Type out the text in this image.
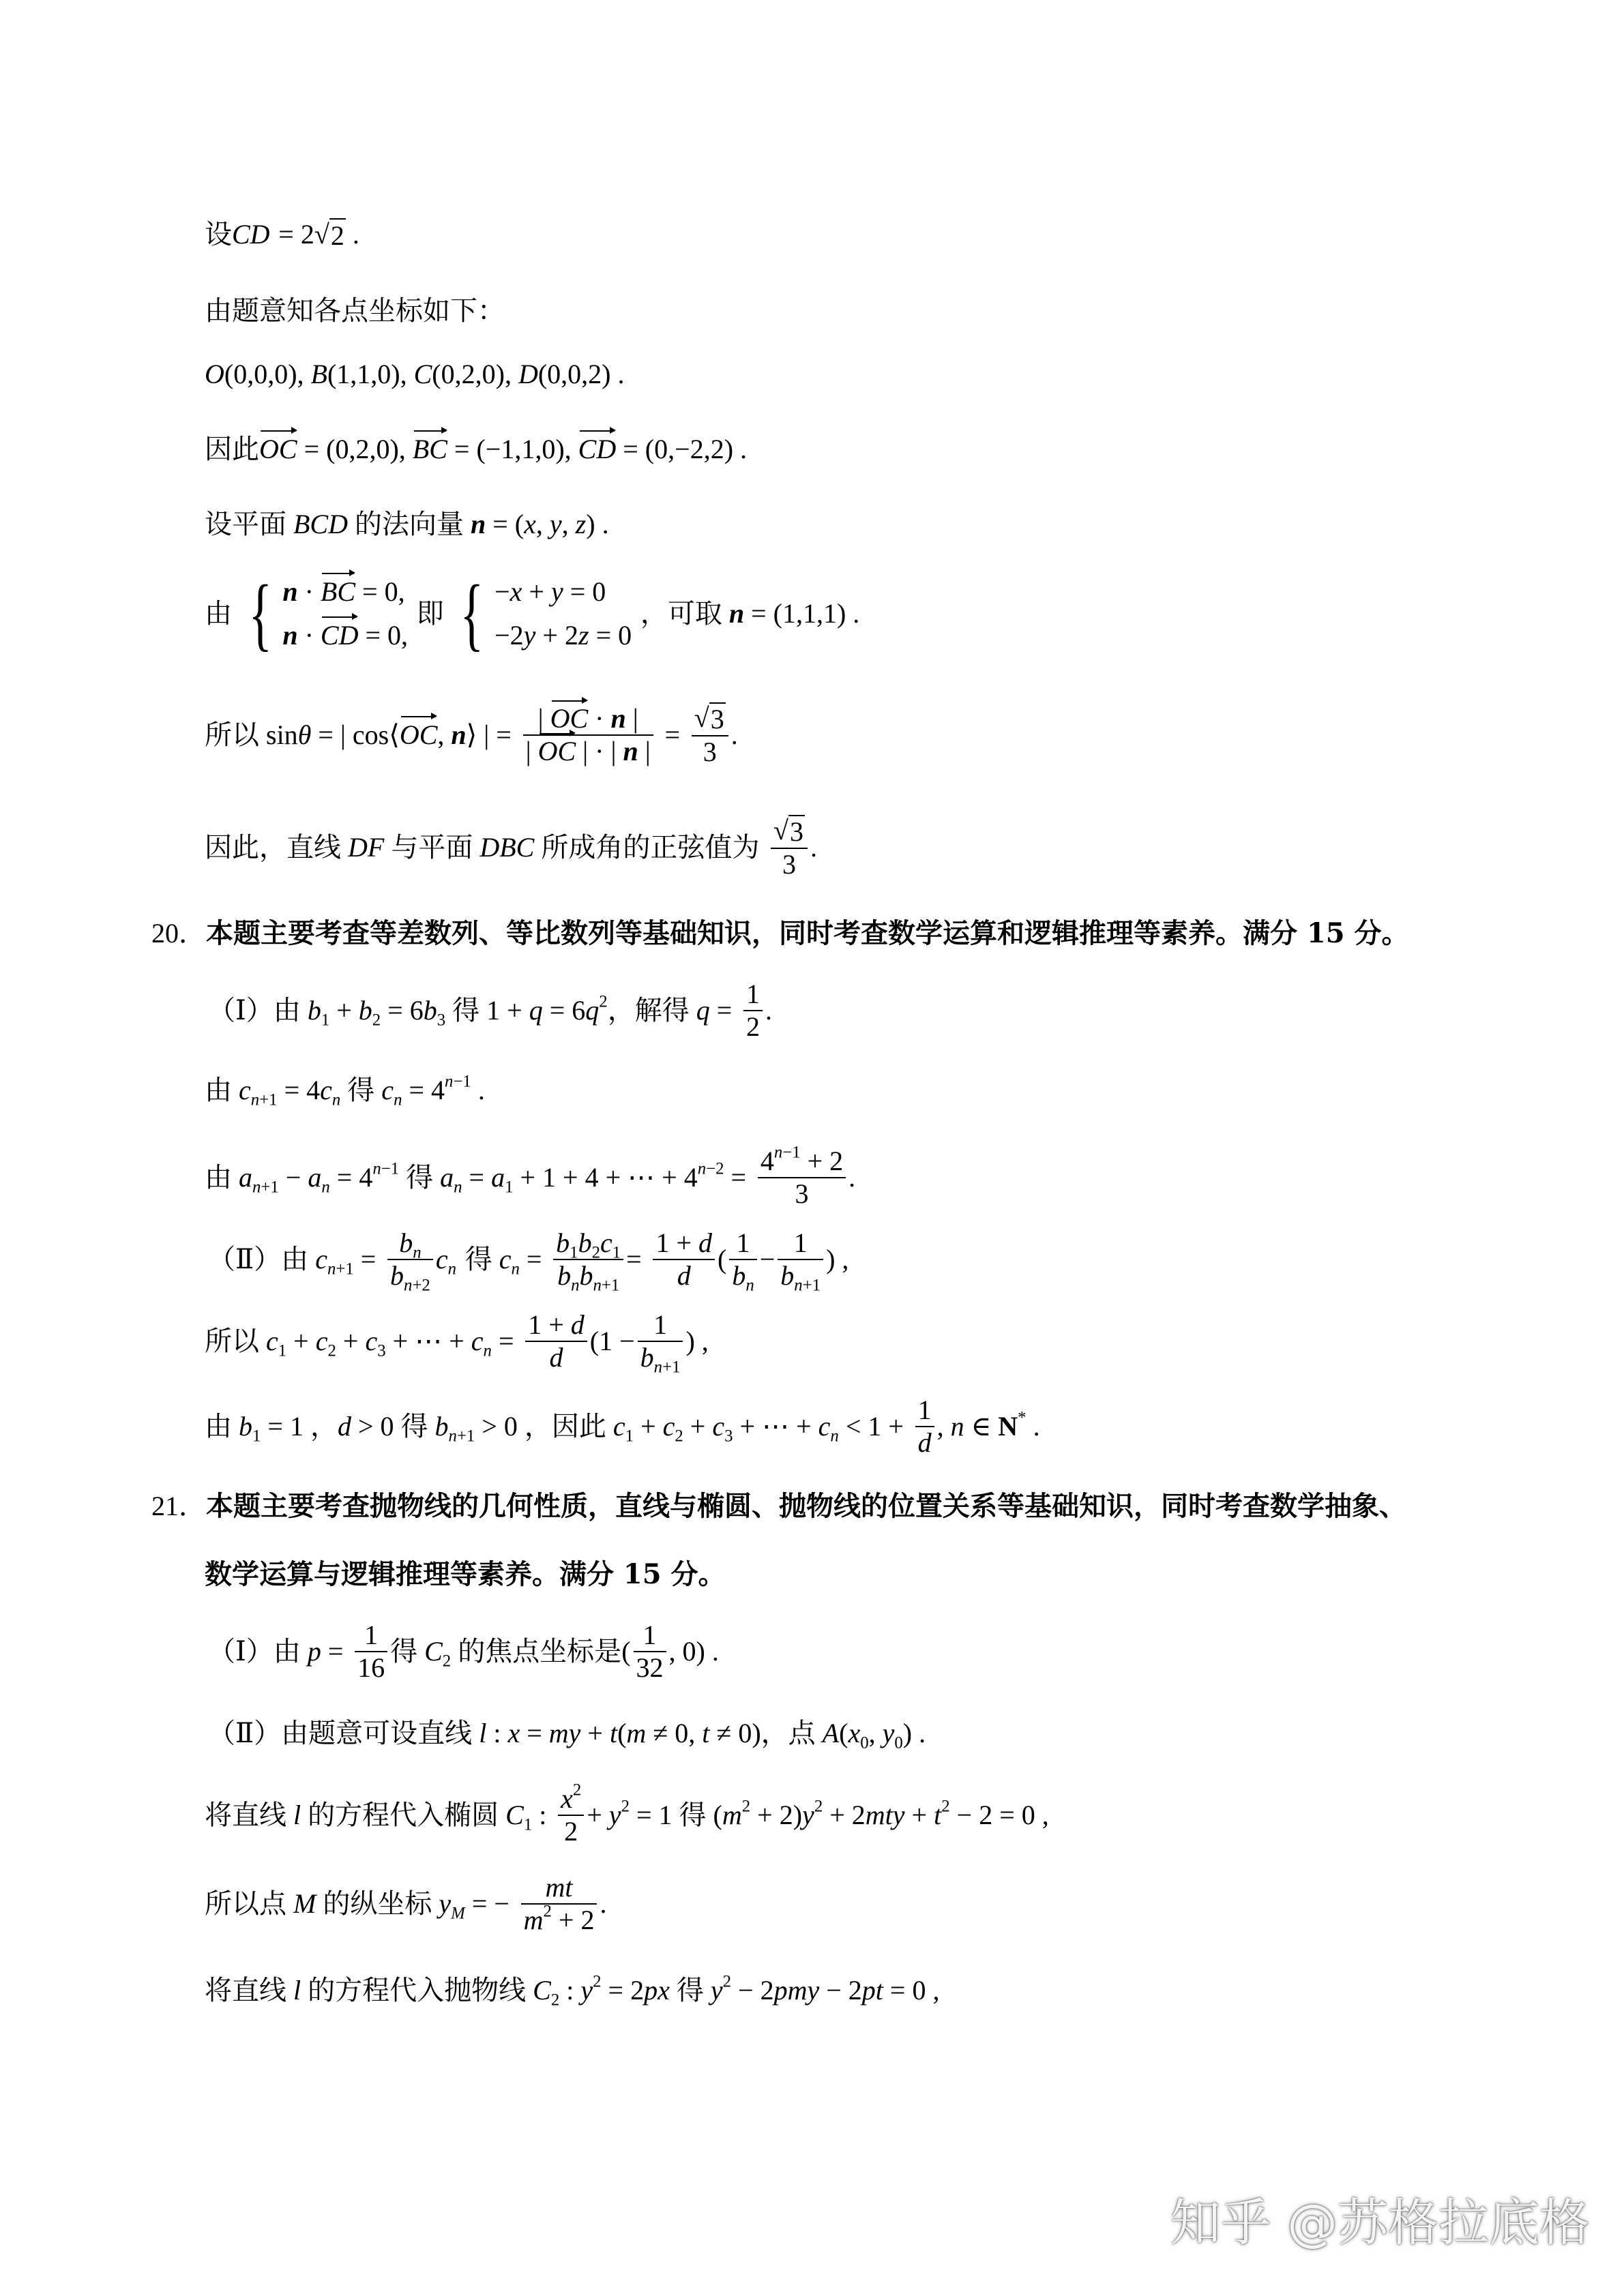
设CD = 2 √ 2 .
由题意知各点坐标如下：
O(0,0,0), B(1,1,0), C(0,2,0), D(0,0,2) .
因此OC = (0,2,0), BC = (−1,1,0), CD = (0,−2,2) .
设平面 BCD 的法向量 n = (x, y, z) .
由 { n · BC = 0,
n · CD = 0,
即 { −x + y = 0
−2y + 2z = 0
，可取 n = (1,1,1) .
所以 sinθ = | cos⟨OC, n⟩ | = $\frac{| OC \cdot n |}{| OC | \cdot | n |} = \frac{√ 3}{3}$ .
因此，直线 DF 与平面 DBC 所成角的正弦值为 $\frac{√ 3}{3}$ .
20．本题主要考查等差数列、等比数列等基础知识，同时考查数学运算和逻辑推理等素养。满分 15 分。
（Ⅰ）由 $b_1 + b_2 = 6b_3$ 得 $1 + q = 6q^2$，解得 $q = \frac{1}{2}$ .
由 $c_{n+1} = 4c_n$ 得 $c_n = 4^{n-1}$ .
由 $a_{n+1} - a_n = 4^{n-1}$ 得 $a_n = a_1 + 1 + 4$ + ⋯ + $4^{n-2} = \frac{4^{n-1} + 2}{3}$ .
（Ⅱ）由 $c_{n+1} = \frac{b_n}{b_{n+2}} c_n$ 得 $c_n = \frac{b_1b_2c_1}{b_nb_{n+1}} = \frac{1 + d}{d}$ ( $\frac{1}{b_n} - \frac{1}{b_{n+1}}$ ) ,
所以 $c_1 + c_2 + c_3$ + ⋯ + $c_n = \frac{1 + d}{d} (1 - \frac{1}{b_{n+1}}$ ) ,
由 $b_1 = 1$ ，d > 0 得 $b_{n+1} > 0$ ，因此 $c_1 + c_2 + c_3$ + ⋯ + $c_n < 1 + \frac{1}{d}$ , n ∈ N* .
21．本题主要考查抛物线的几何性质，直线与椭圆、抛物线的位置关系等基础知识，同时考查数学抽象、
数学运算与逻辑推理等素养。满分 15 分。
（Ⅰ）由 $p = \frac{1}{16}$ 得 $C_2$ 的焦点坐标是( $\frac{1}{32}$ , 0) .
（Ⅱ）由题意可设直线 l : x = my + t(m ≠ 0, t ≠ 0)，点 $A(x_0$, $y_0$) .
将直线 l 的方程代入椭圆 $C_1$ : $\frac{x^2}{2} + y^2 = 1$ 得 $(m^2 + 2)y^2 + 2mty + t^2 - 2 = 0$ ,
所以点 M 的纵坐标 $y_M$ = − $\frac{mt}{m^2 + 2}$ .
将直线 l 的方程代入抛物线 $C_2$ : $y^2 = 2px$ 得 $y^2 - 2pmy - 2pt = 0$ ,
知乎 @苏格拉底格
